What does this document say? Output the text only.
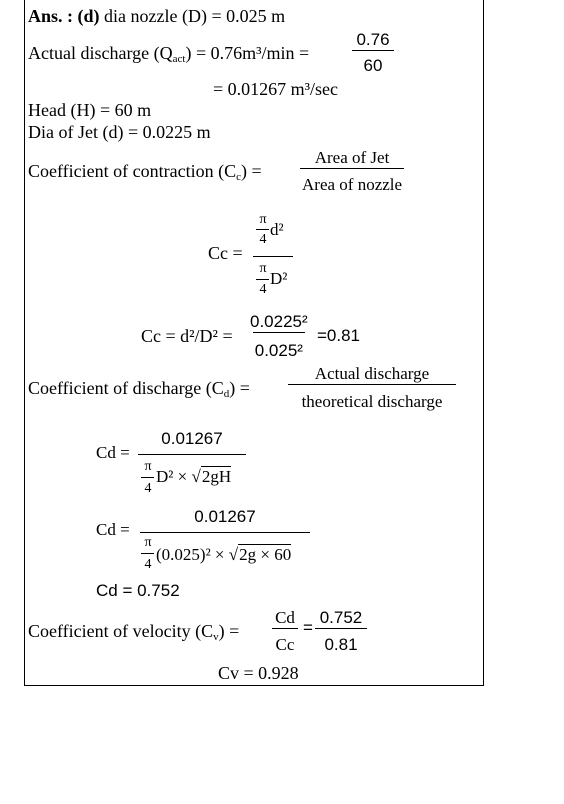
Ans. : (d) dia nozzle (D) = 0.025 m
Actual discharge $(Q_{act}) = 0.76m^3/\min$ =	$\frac{0.76}{60}$
= 0.01267 m³/sec
Head (H) = 60 m
Dia of Jet (d) = 0.0225 m
Coefficient of contraction $(C_c)$ =
Area of Jet
Area of nozzle
Cc =
π
4
d²
π
4
D²
$Cc = d^2/D^2 = \frac{\text{0.0225²}}{\text{0.025²}} =0.81$
Coefficient of discharge $(C_d)$ =
Actual discharge
theoretical discharge
Cd =
0.01267
π
4
D² × √2gH
Cd =
0.01267
π
4
(0.025)² × √2g × 60
Cd = 0.752
Coefficient of velocity $(C_v) = \frac{Cd}{Cc} = \frac{0.752}{0.81}$
Cv = 0.928
